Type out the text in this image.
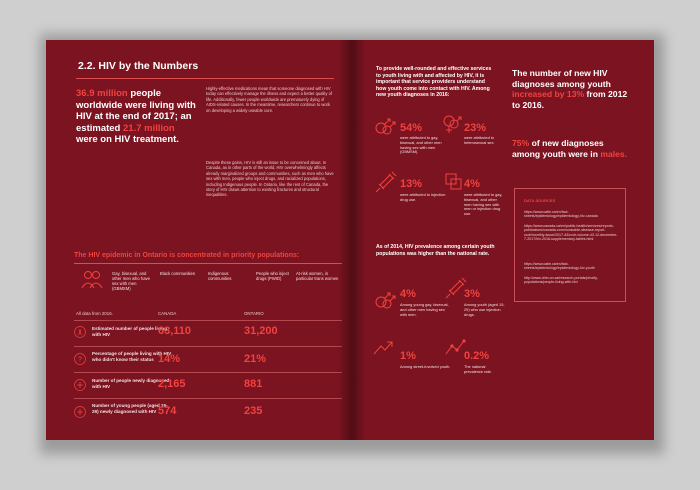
2.2. HIV by the Numbers
36.9 million people worldwide were living with HIV at the end of 2017; an estimated 21.7 million were on HIV treatment.
Highly-effective medications mean that someone diagnosed with HIV today can effectively manage the illness and expect a better quality of life. Additionally, fewer people worldwide are prematurely dying of AIDS-related causes. In the meantime, researchers continue to work on developing a widely useable cure.
Despite these gains, HIV is still an issue to be concerned about. In Canada, as in other parts of the world, HIV overwhelmingly affects already marginalized groups and communities, such as men who have sex with men, people who inject drugs, and racialized populations, including Indigenous people. In Ontario, like the rest of Canada, the story of HIV draws attention to existing fractures and structural inequalities.
The HIV epidemic in Ontario is concentrated in priority populations:
Gay, bisexual, and other men who have sex with men (GBMSM)
Black communities	Indigenous communities
People who inject drugs (PWID)
At-risk women, in particular trans women
All data from 2016.	CANADA	ONTARIO
Estimated number of people living with HIV	63,110	31,200
?
Percentage of people living with HIV who didn't know their status 14%	21%
Number of people newly diagnosed with HIV	2,165	881
Number of young people (aged 15-29) newly diagnosed with HIV 574	235
To provide well-rounded and effective services to youth living with and affected by HIV, it is important that service providers understand how youth come into contact with HIV. Among new youth diagnoses in 2016:
54%
were attributed to gay, bisexual, and other men having sex with men (GBMSM).
23%
were attributed to heterosexual sex.
13%
were attributed to injection drug use.
4%
were attributed to gay, bisexual, and other men having sex with men or injection drug use.
As of 2014, HIV prevalence among certain youth populations was higher than the national rate.
4%
Among young gay, bisexual, and other men having sex with men.
3%
Among youth (aged 15-29) who use injection drugs.
1%
Among street-involved youth.
0.2%
The national prevalence rate.
The number of new HIV diagnoses among youth increased by 13% from 2012 to 2016.
75% of new diagnoses among youth were in males.
DATA SOURCES
https://www.catie.ca/en/fact-sheets/epidemiology/epidemiology-hiv-canada
https://www.canada.ca/en/public-health/services/reports-publications/canada-communicable-disease-report-ccdr/monthly-issue/2017-43/ccdr-volume-43-12-december-7-2017/hiv-2016-supplementary-tables.html
https://www.catie.ca/en/fact-sheets/epidemiology/epidemiology-hiv-youth
http://www.ohtn.on.ca/research-portals/priority-populations/people-living-with-hiv/
